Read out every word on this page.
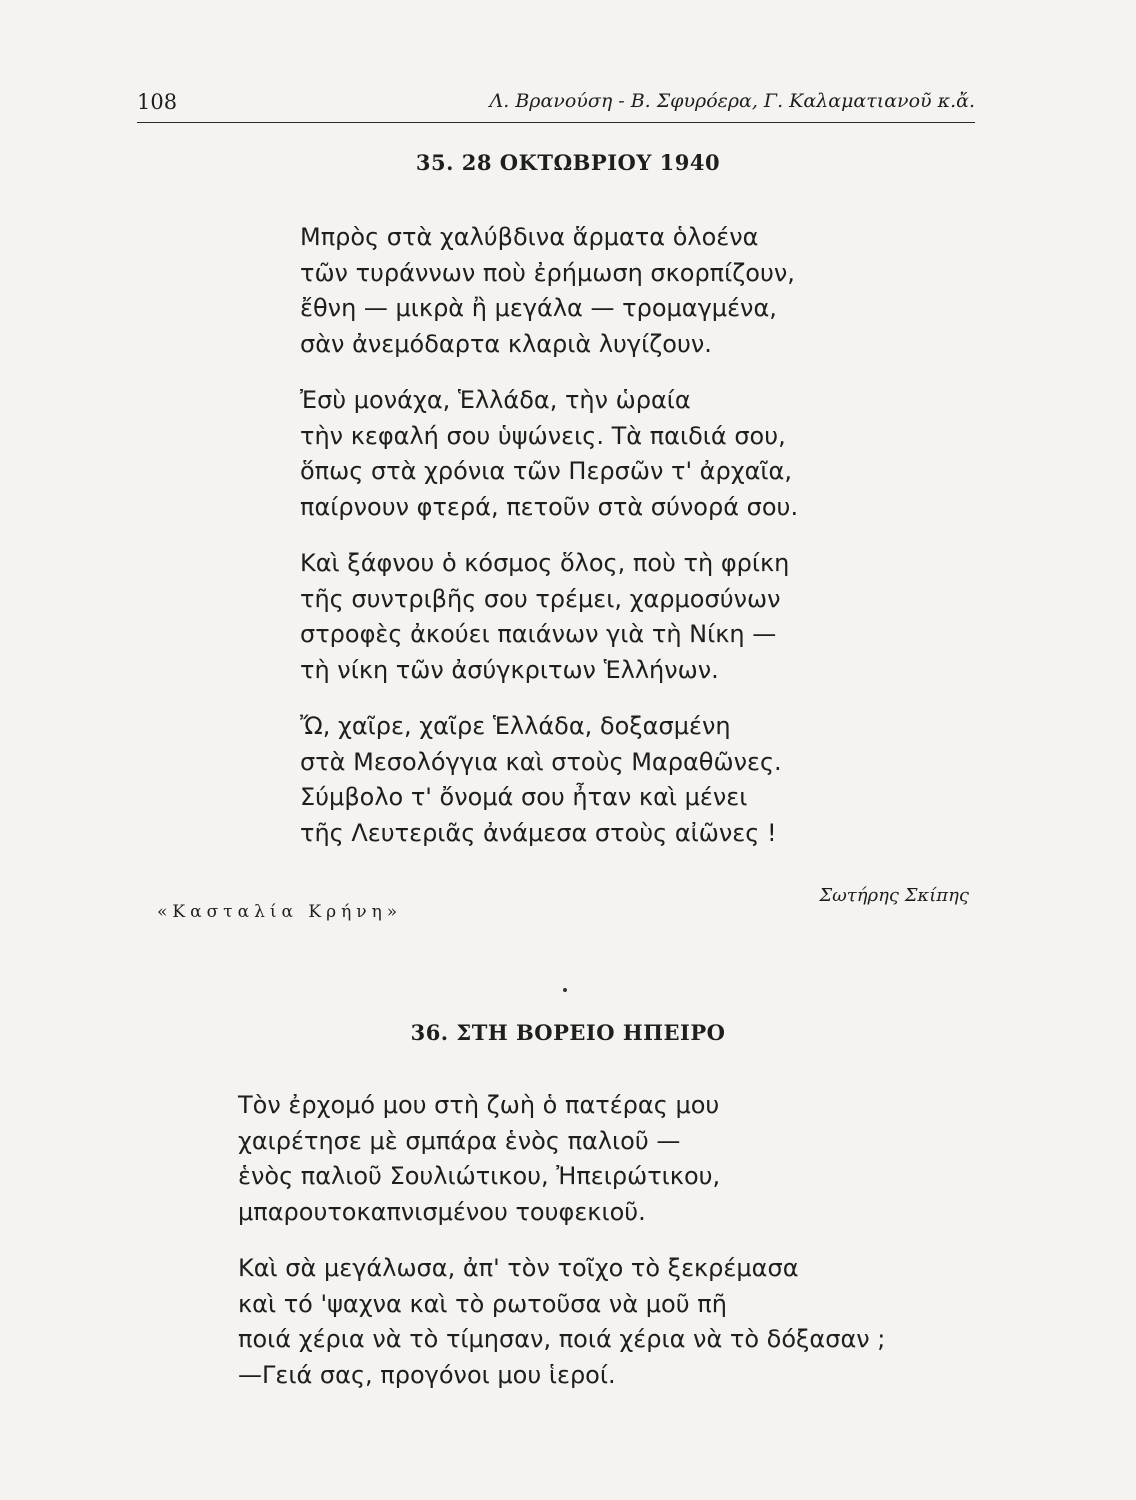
108	Λ. Βρανούση - Β. Σφυρόερα, Γ. Καλαματιανοῦ κ.ἄ.
35. 28 ΟΚΤΩΒΡΙΟΥ 1940
Μπρὸς στὰ χαλύβδινα ἅρματα ὁλοένα
τῶν τυράννων ποὺ ἐρήμωση σκορπίζουν,
ἔθνη — μικρὰ ἢ μεγάλα — τρομαγμένα,
σὰν ἀνεμόδαρτα κλαριὰ λυγίζουν.
Ἐσὺ μονάχα, Ἑλλάδα, τὴν ὡραία
τὴν κεφαλή σου ὑψώνεις. Τὰ παιδιά σου,
ὅπως στὰ χρόνια τῶν Περσῶν τ' ἀρχαῖα,
παίρνουν φτερά, πετοῦν στὰ σύνορά σου.
Καὶ ξάφνου ὁ κόσμος ὅλος, ποὺ τὴ φρίκη
τῆς συντριβῆς σου τρέμει, χαρμοσύνων
στροφὲς ἀκούει παιάνων γιὰ τὴ Νίκη —
τὴ νίκη τῶν ἀσύγκριτων Ἑλλήνων.
Ὤ, χαῖρε, χαῖρε Ἑλλάδα, δοξασμένη
στὰ Μεσολόγγια καὶ στοὺς Μαραθῶνες.
Σύμβολο τ' ὄνομά σου ἦταν καὶ μένει
τῆς Λευτεριᾶς ἀνάμεσα στοὺς αἰῶνες !
«Κασταλία Κρήνη»
Σωτήρης Σκίπης
36. ΣΤΗ ΒΟΡΕΙΟ ΗΠΕΙΡΟ
Τὸν ἐρχομό μου στὴ ζωὴ ὁ πατέρας μου
χαιρέτησε μὲ σμπάρα ἑνὸς παλιοῦ —
ἑνὸς παλιοῦ Σουλιώτικου, Ἠπειρώτικου,
μπαρουτοκαπνισμένου τουφεκιοῦ.
Καὶ σὰ μεγάλωσα, ἀπ' τὸν τοῖχο τὸ ξεκρέμασα
καὶ τό 'ψαχνα καὶ τὸ ρωτοῦσα νὰ μοῦ πῆ
ποιά χέρια νὰ τὸ τίμησαν, ποιά χέρια νὰ τὸ δόξασαν ;
—Γειά σας, προγόνοι μου ἱεροί.
